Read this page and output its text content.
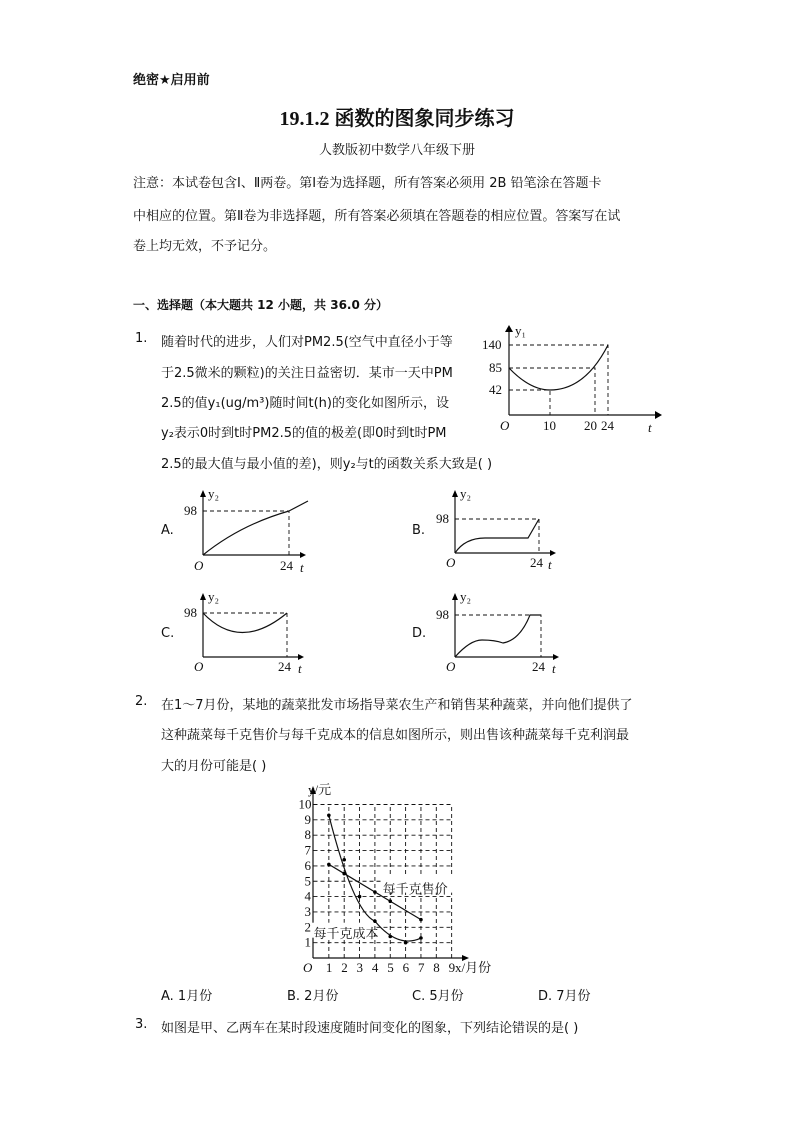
绝密★启用前
19.1.2 函数的图象同步练习
人教版初中数学八年级下册
注意：本试卷包含Ⅰ、Ⅱ两卷。第Ⅰ卷为选择题，所有答案必须用 2B 铅笔涂在答题卡
中相应的位置。第Ⅱ卷为非选择题，所有答案必须填在答题卷的相应位置。答案写在试
卷上均无效，不予记分。
一、选择题（本大题共 12 小题，共 36.0 分）
1. 随着时代的进步，人们对PM2.5(空气中直径小于等
于2.5微米的颗粒)的关注日益密切．某市一天中PM
2.5的值y₁(ug/m³)随时间t(h)的变化如图所示，设
y₂表示0时到t时PM2.5的值的极差(即0时到t时PM
2.5的最大值与最小值的差)，则y₂与t的函数关系大致是( )
A.	B.
C.	D.
2. 在1～7月份，某地的蔬菜批发市场指导菜农生产和销售某种蔬菜，并向他们提供了
这种蔬菜每千克售价与每千克成本的信息如图所示，则出售该种蔬菜每千克利润最
大的月份可能是( )
A. 1月份	B. 2月份	C. 5月份	D. 7月份
3. 如图是甲、乙两车在某时段速度随时间变化的图象，下列结论错误的是( )
y₁
140
85
42
O	10 20 24	t
y₂
98
O	24 t
y₂
98
O	24 t
y₂
98
O	24 t
y₂
98
O	24 t
y/元
O	x/月份
1
2
3
4
5
6
7
8
9
10
1 2 3 4 5 6 7 8 9
每千克售价
每千克成本
